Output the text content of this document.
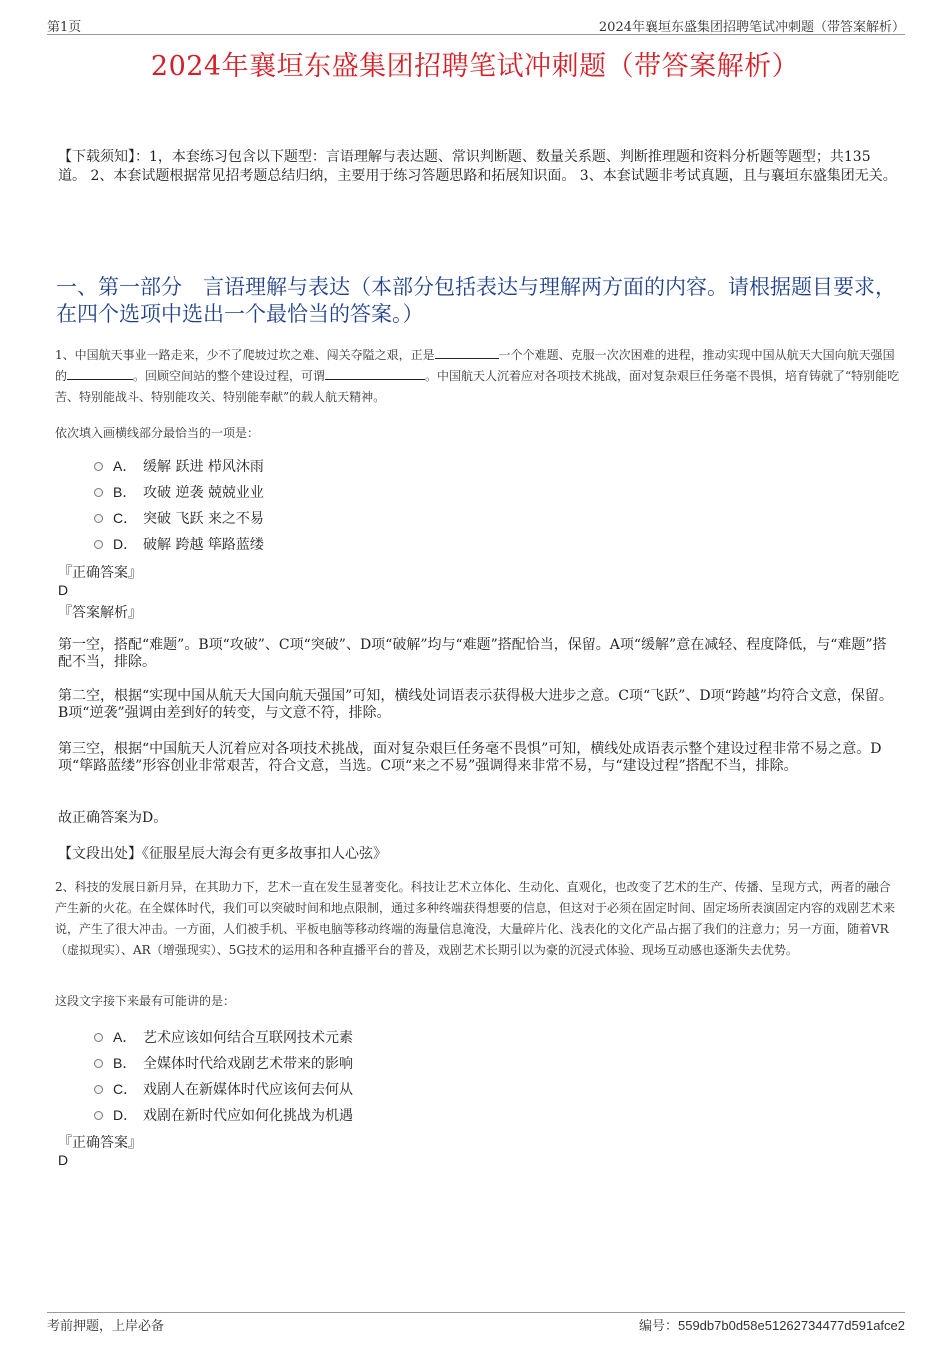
第1页	2024年襄垣东盛集团招聘笔试冲刺题（带答案解析）
2024年襄垣东盛集团招聘笔试冲刺题（带答案解析）
【下载须知】：1，本套练习包含以下题型：言语理解与表达题、常识判断题、数量关系题、判断推理题和资料分析题等题型；共135道。 2、本套试题根据常见招考题总结归纳，主要用于练习答题思路和拓展知识面。 3、本套试题非考试真题，且与襄垣东盛集团无关。
一、第一部分　言语理解与表达（本部分包括表达与理解两方面的内容。请根据题目要求，在四个选项中选出一个最恰当的答案。）
1、中国航天事业一路走来，少不了爬坡过坎之难、闯关夺隘之艰，正是	一个个难题、克服一次次困难的进程，推动实现中国从航天大国向航天强国的	。回顾空间站的整个建设过程，可谓	。中国航天人沉着应对各项技术挑战，面对复杂艰巨任务毫不畏惧，培育铸就了“特别能吃苦、特别能战斗、特别能攻关、特别能奉献”的载人航天精神。
依次填入画横线部分最恰当的一项是：
A． 缓解 跃进 栉风沐雨
B． 攻破 逆袭 兢兢业业
C． 突破 飞跃 来之不易
D． 破解 跨越 筚路蓝缕
『正确答案』
D
『答案解析』
第一空，搭配“难题”。B项“攻破”、C项“突破”、D项“破解”均与“难题”搭配恰当，保留。A项“缓解”意在减轻、程度降低，与“难题”搭配不当，排除。
第二空，根据“实现中国从航天大国向航天强国”可知，横线处词语表示获得极大进步之意。C项“飞跃”、D项“跨越”均符合文意，保留。B项“逆袭”强调由差到好的转变，与文意不符，排除。
第三空，根据“中国航天人沉着应对各项技术挑战，面对复杂艰巨任务毫不畏惧”可知，横线处成语表示整个建设过程非常不易之意。D项“筚路蓝缕”形容创业非常艰苦，符合文意，当选。C项“来之不易”强调得来非常不易，与“建设过程”搭配不当，排除。
故正确答案为D。
【文段出处】《征服星辰大海会有更多故事扣人心弦》
2、科技的发展日新月异，在其助力下，艺术一直在发生显著变化。科技让艺术立体化、生动化、直观化，也改变了艺术的生产、传播、呈现方式，两者的融合产生新的火花。在全媒体时代，我们可以突破时间和地点限制，通过多种终端获得想要的信息，但这对于必须在固定时间、固定场所表演固定内容的戏剧艺术来说，产生了很大冲击。一方面，人们被手机、平板电脑等移动终端的海量信息淹没，大量碎片化、浅表化的文化产品占据了我们的注意力；另一方面，随着VR（虚拟现实）、AR（增强现实）、5G技术的运用和各种直播平台的普及，戏剧艺术长期引以为豪的沉浸式体验、现场互动感也逐渐失去优势。
这段文字接下来最有可能讲的是：
A． 艺术应该如何结合互联网技术元素
B． 全媒体时代给戏剧艺术带来的影响
C． 戏剧人在新媒体时代应该何去何从
D． 戏剧在新时代应如何化挑战为机遇
『正确答案』
D
考前押题，上岸必备	编号：559db7b0d58e51262734477d591afce2
